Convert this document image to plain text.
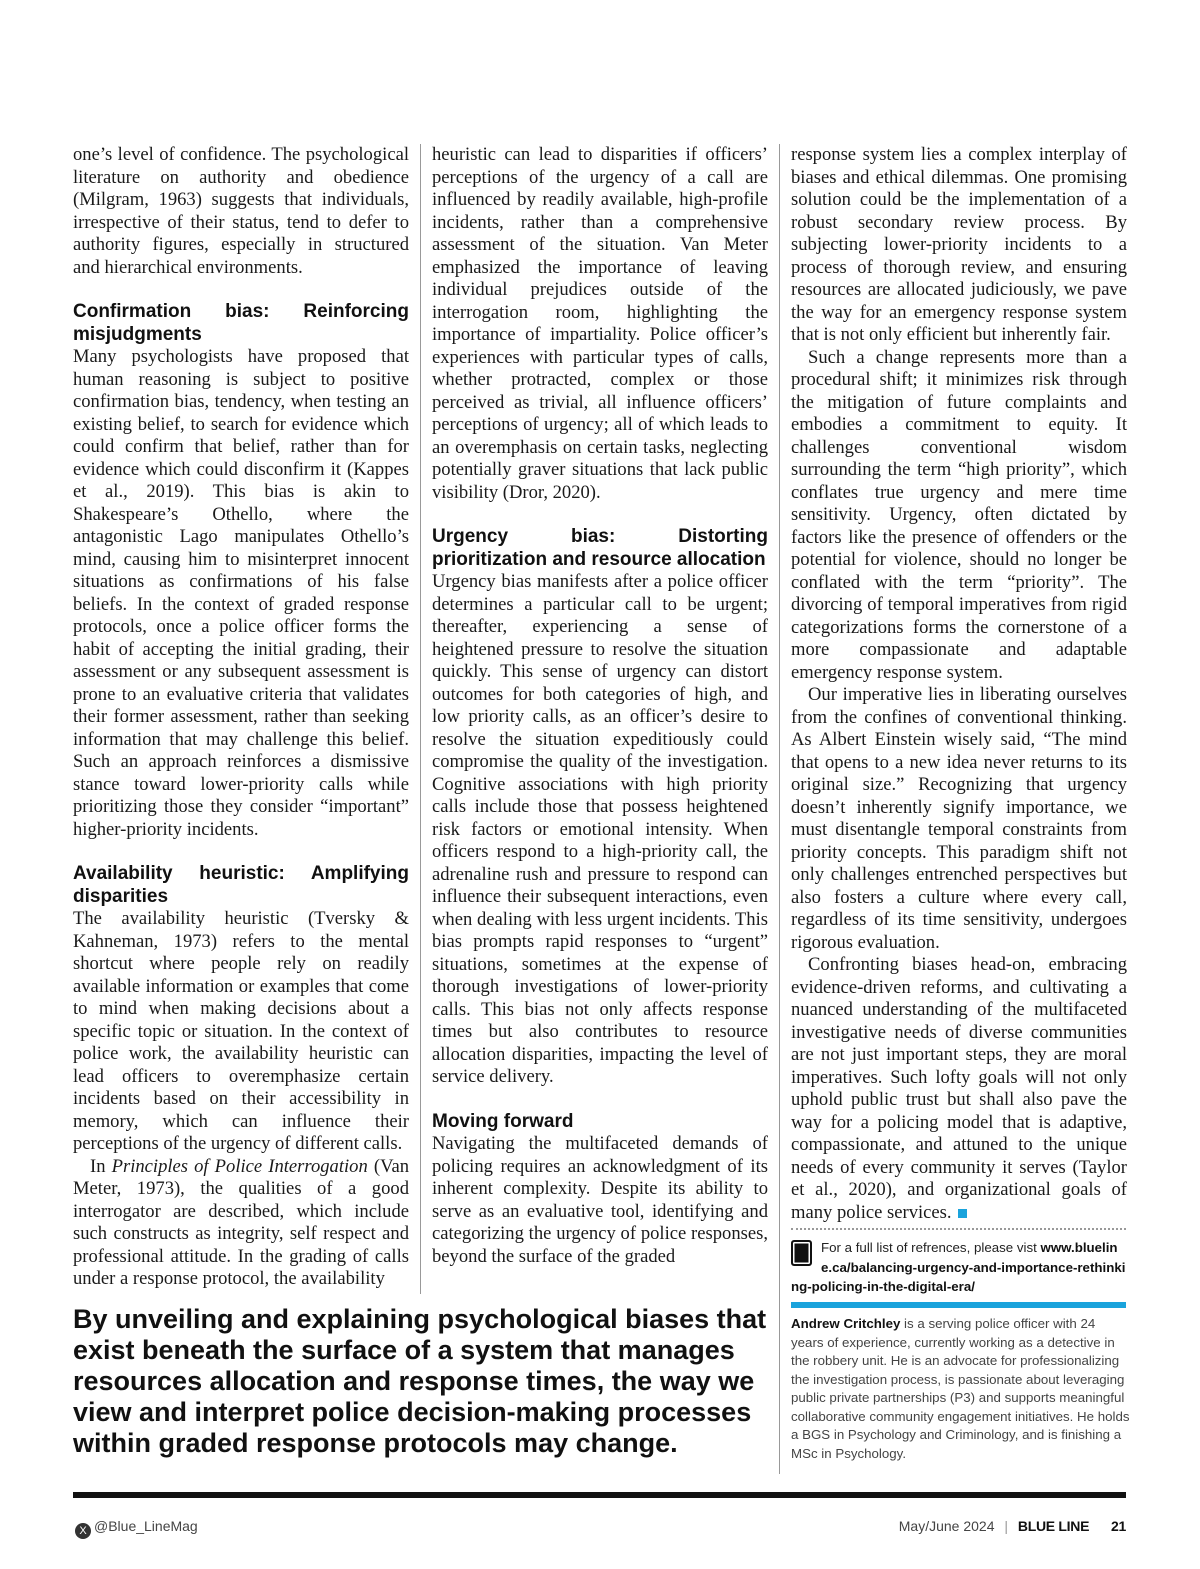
one’s level of confidence. The psychological literature on authority and obedience (Milgram, 1963) suggests that individuals, irrespective of their status, tend to defer to authority figures, especially in structured and hierarchical environments.

Confirmation bias: Reinforcing misjudgments

Many psychologists have proposed that human reasoning is subject to positive confirmation bias, tendency, when testing an existing belief, to search for evidence which could confirm that belief, rather than for evidence which could disconfirm it (Kappes et al., 2019). This bias is akin to Shakespeare’s Othello, where the antagonistic Lago manipulates Othello’s mind, causing him to misinterpret innocent situations as confirmations of his false beliefs. In the context of graded response protocols, once a police officer forms the habit of accepting the initial grading, their assessment or any subsequent assessment is prone to an evaluative criteria that validates their former assessment, rather than seeking information that may challenge this belief. Such an approach reinforces a dismissive stance toward lower-priority calls while prioritizing those they consider “important” higher-priority incidents.

Availability heuristic: Amplifying disparities

The availability heuristic (Tversky & Kahneman, 1973) refers to the mental shortcut where people rely on readily available information or examples that come to mind when making decisions about a specific topic or situation. In the context of police work, the availability heuristic can lead officers to overemphasize certain incidents based on their accessibility in memory, which can influence their perceptions of the urgency of different calls.

In Principles of Police Interrogation (Van Meter, 1973), the qualities of a good interrogator are described, which include such constructs as integrity, self respect and professional attitude. In the grading of calls under a response protocol, the availability

heuristic can lead to disparities if officers’ perceptions of the urgency of a call are influenced by readily available, high-profile incidents, rather than a comprehensive assessment of the situation. Van Meter emphasized the importance of leaving individual prejudices outside of the interrogation room, highlighting the importance of impartiality. Police officer’s experiences with particular types of calls, whether protracted, complex or those perceived as trivial, all influence officers’ perceptions of urgency; all of which leads to an overemphasis on certain tasks, neglecting potentially graver situations that lack public visibility (Dror, 2020).

Urgency bias: Distorting prioritization and resource allocation

Urgency bias manifests after a police officer determines a particular call to be urgent; thereafter, experiencing a sense of heightened pressure to resolve the situation quickly. This sense of urgency can distort outcomes for both categories of high, and low priority calls, as an officer’s desire to resolve the situation expeditiously could compromise the quality of the investigation. Cognitive associations with high priority calls include those that possess heightened risk factors or emotional intensity. When officers respond to a high-priority call, the adrenaline rush and pressure to respond can influence their subsequent interactions, even when dealing with less urgent incidents. This bias prompts rapid responses to “urgent” situations, sometimes at the expense of thorough investigations of lower-priority calls. This bias not only affects response times but also contributes to resource allocation disparities, impacting the level of service delivery.

Moving forward

Navigating the multifaceted demands of policing requires an acknowledgment of its inherent complexity. Despite its ability to serve as an evaluative tool, identifying and categorizing the urgency of police responses, beyond the surface of the graded

response system lies a complex interplay of biases and ethical dilemmas. One promising solution could be the implementation of a robust secondary review process. By subjecting lower-priority incidents to a process of thorough review, and ensuring resources are allocated judiciously, we pave the way for an emergency response system that is not only efficient but inherently fair.

Such a change represents more than a procedural shift; it minimizes risk through the mitigation of future complaints and embodies a commitment to equity. It challenges conventional wisdom surrounding the term “high priority”, which conflates true urgency and mere time sensitivity. Urgency, often dictated by factors like the presence of offenders or the potential for violence, should no longer be conflated with the term “priority”. The divorcing of temporal imperatives from rigid categorizations forms the cornerstone of a more compassionate and adaptable emergency response system.

Our imperative lies in liberating ourselves from the confines of conventional thinking. As Albert Einstein wisely said, “The mind that opens to a new idea never returns to its original size.” Recognizing that urgency doesn’t inherently signify importance, we must disentangle temporal constraints from priority concepts. This paradigm shift not only challenges entrenched perspectives but also fosters a culture where every call, regardless of its time sensitivity, undergoes rigorous evaluation.

Confronting biases head-on, embracing evidence-driven reforms, and cultivating a nuanced understanding of the multifaceted investigative needs of diverse communities are not just important steps, they are moral imperatives. Such lofty goals will not only uphold public trust but shall also pave the way for a policing model that is adaptive, compassionate, and attuned to the unique needs of every community it serves (Taylor et al., 2020), and organizational goals of many police services.

By unveiling and explaining psychological biases that exist beneath the surface of a system that manages resources allocation and response times, the way we view and interpret police decision-making processes within graded response protocols may change.
For a full list of refrences, please vist www.blueline.ca/balancing-urgency-and-importance-rethinking-policing-in-the-digital-era/
Andrew Critchley is a serving police officer with 24 years of experience, currently working as a detective in the robbery unit. He is an advocate for professionalizing the investigation process, is passionate about leveraging public private partnerships (P3) and supports meaningful collaborative community engagement initiatives. He holds a BGS in Psychology and Criminology, and is finishing a MSc in Psychology.
X @Blue_LineMag	May/June 2024 | BLUE LINE 21
